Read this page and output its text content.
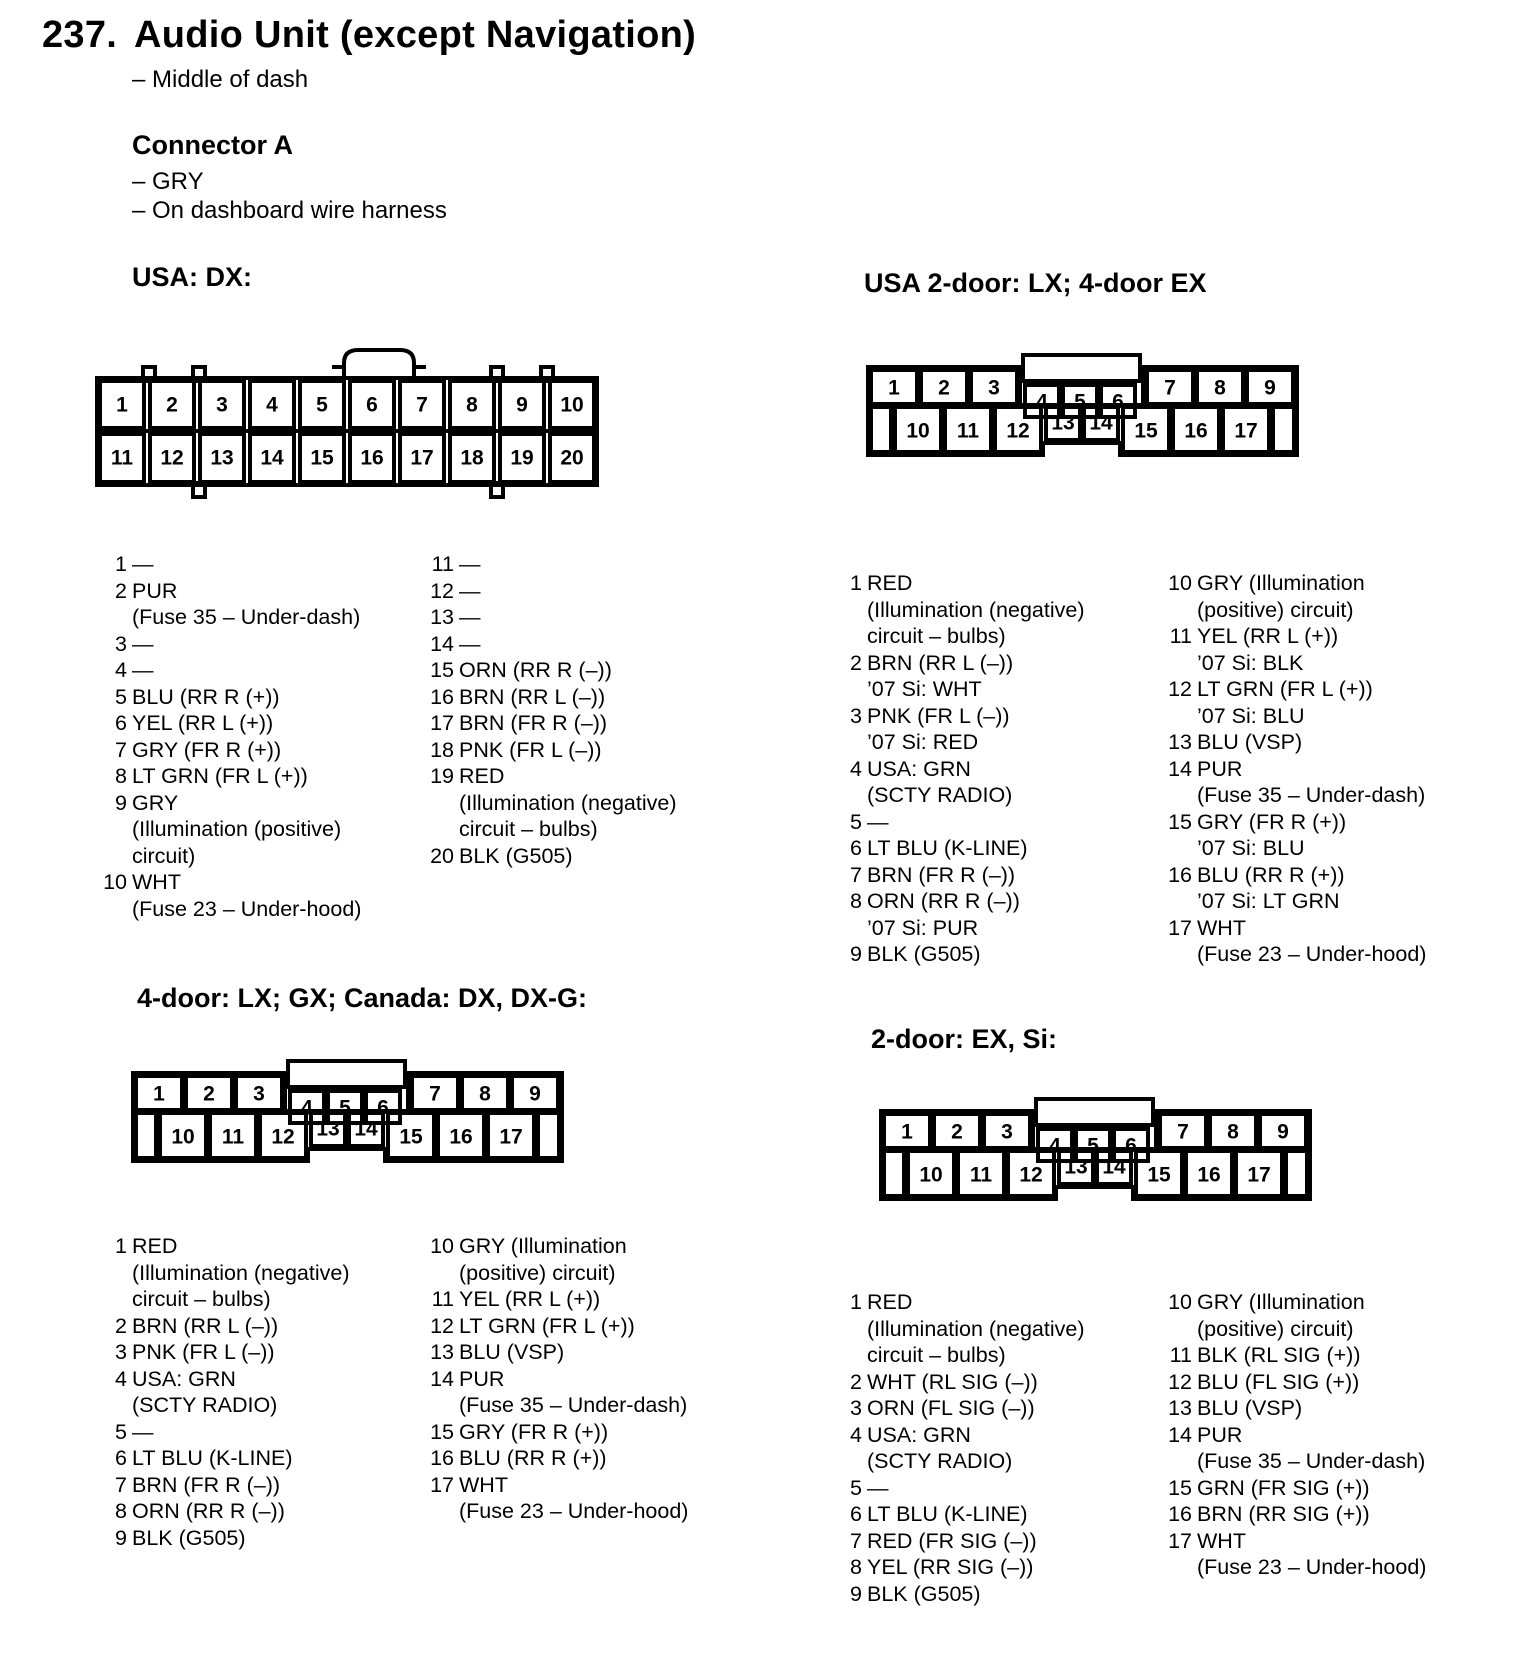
237. Audio Unit (except Navigation)
– Middle of dash
Connector A
– GRY
– On dashboard wire harness
USA: DX:	USA 2-door: LX; 4-door EX
4-door: LX; GX; Canada: DX, DX-G:
2-door: EX, Si:
1
11
2
12
3
13
4
14
5
15
6
16
7
17
8
18
9
19
10
20
1 2 3
4 5 6
7 8 9
10 11 12 13 14 15 16 17
1 2 3
4 5 6
7 8 9
10 11 12 13 14 15 16 17	1 2 3
4 5 6
7 8 9
10 11 12 13 14 15 16 17
1 —
2 PUR
(Fuse 35 – Under-dash)
3 —
4 —
5 BLU (RR R (+))
6 YEL (RR L (+))
7 GRY (FR R (+))
8 LT GRN (FR L (+))
9 GRY
(Illumination (positive)
circuit)
10 WHT
(Fuse 23 – Under-hood)
11 —
12 —
13 —
14 —
15 ORN (RR R (–))
16 BRN (RR L (–))
17 BRN (FR R (–))
18 PNK (FR L (–))
19 RED
(Illumination (negative)
circuit – bulbs)
20 BLK (G505)
1 RED
(Illumination (negative)
circuit – bulbs)
2 BRN (RR L (–))
’07 Si: WHT
3 PNK (FR L (–))
’07 Si: RED
4 USA: GRN
(SCTY RADIO)
5 —
6 LT BLU (K-LINE)
7 BRN (FR R (–))
8 ORN (RR R (–))
’07 Si: PUR
9 BLK (G505)
10 GRY (Illumination
(positive) circuit)
11 YEL (RR L (+))
’07 Si: BLK
12 LT GRN (FR L (+))
’07 Si: BLU
13 BLU (VSP)
14 PUR
(Fuse 35 – Under-dash)
15 GRY (FR R (+))
’07 Si: BLU
16 BLU (RR R (+))
’07 Si: LT GRN
17 WHT
(Fuse 23 – Under-hood)
1 RED
(Illumination (negative)
circuit – bulbs)
2 BRN (RR L (–))
3 PNK (FR L (–))
4 USA: GRN
(SCTY RADIO)
5 —
6 LT BLU (K-LINE)
7 BRN (FR R (–))
8 ORN (RR R (–))
9 BLK (G505)
10 GRY (Illumination
(positive) circuit)
11 YEL (RR L (+))
12 LT GRN (FR L (+))
13 BLU (VSP)
14 PUR
(Fuse 35 – Under-dash)
15 GRY (FR R (+))
16 BLU (RR R (+))
17 WHT
(Fuse 23 – Under-hood)
1 RED
(Illumination (negative)
circuit – bulbs)
2 WHT (RL SIG (–))
3 ORN (FL SIG (–))
4 USA: GRN
(SCTY RADIO)
5 —
6 LT BLU (K-LINE)
7 RED (FR SIG (–))
8 YEL (RR SIG (–))
9 BLK (G505)
10 GRY (Illumination
(positive) circuit)
11 BLK (RL SIG (+))
12 BLU (FL SIG (+))
13 BLU (VSP)
14 PUR
(Fuse 35 – Under-dash)
15 GRN (FR SIG (+))
16 BRN (RR SIG (+))
17 WHT
(Fuse 23 – Under-hood)
